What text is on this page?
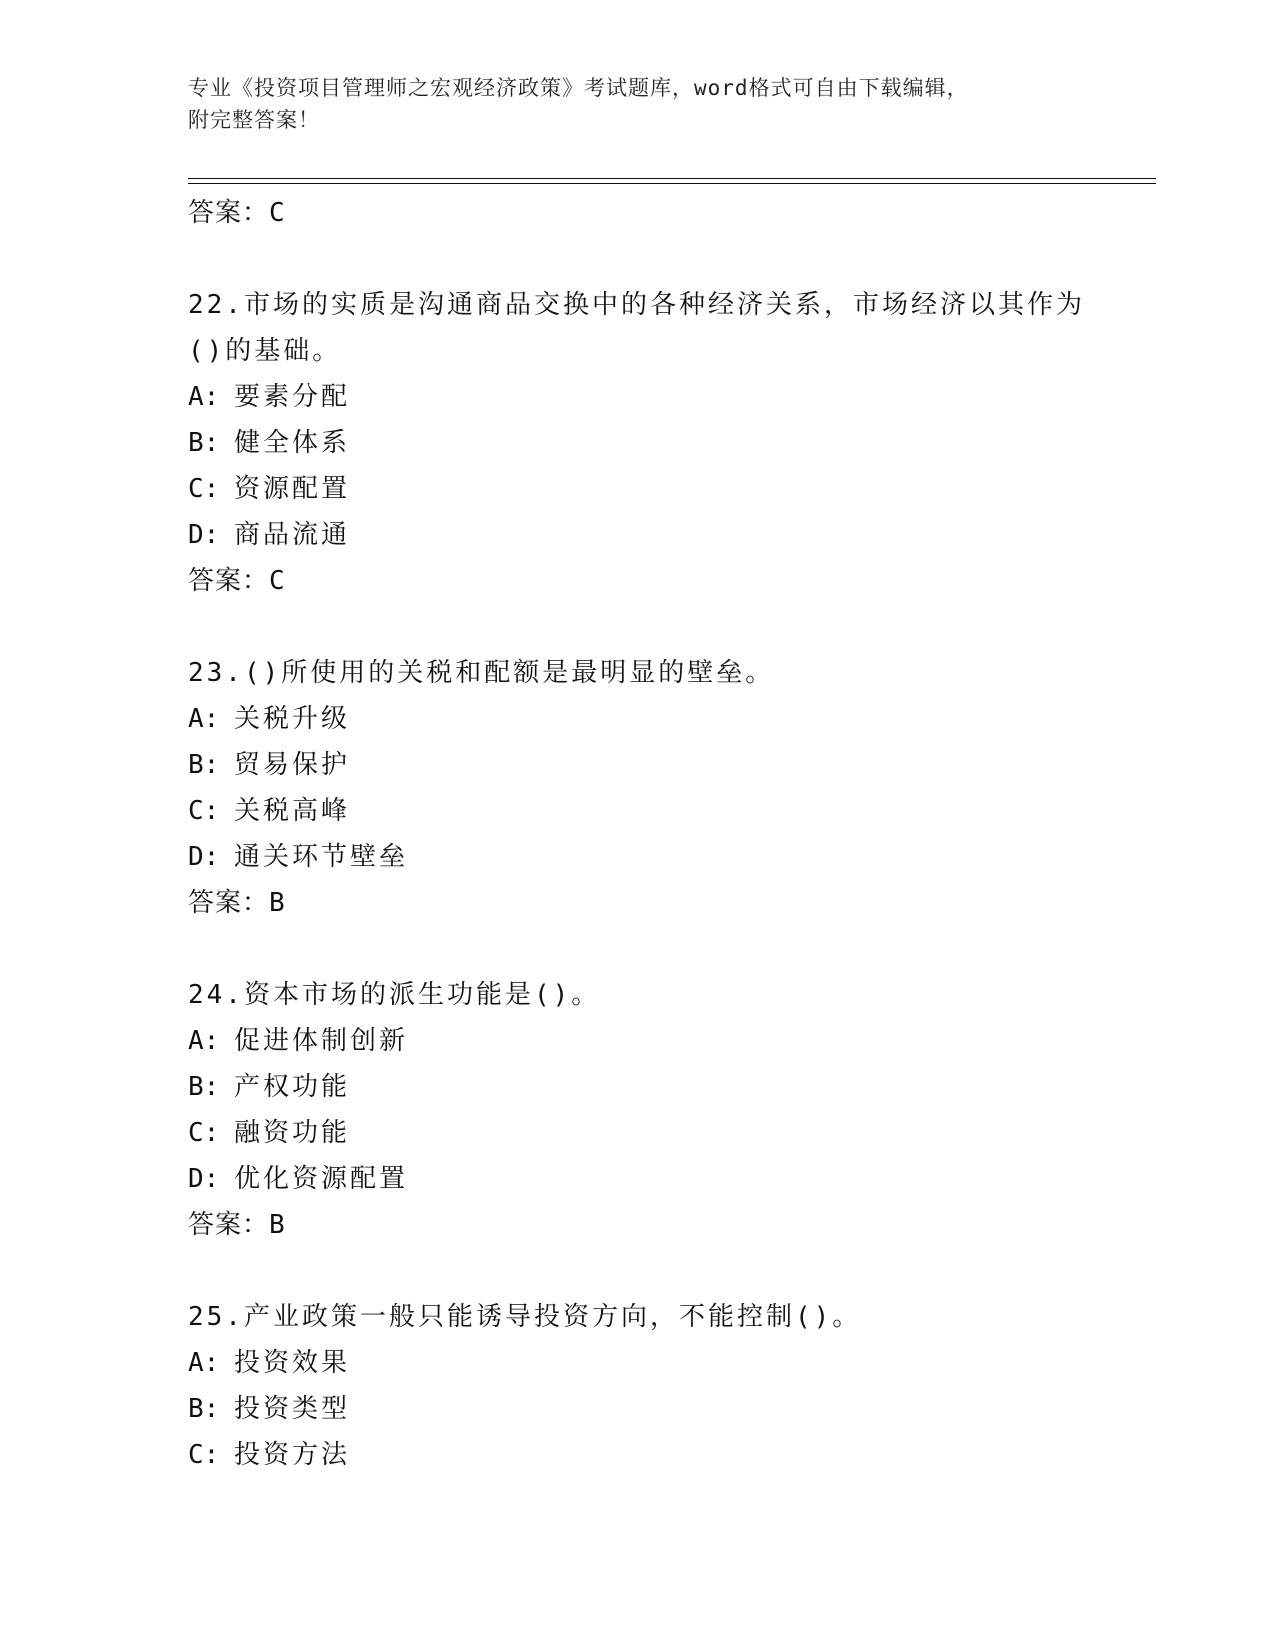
专业《投资项目管理师之宏观经济政策》考试题库，word格式可自由下载编辑，
附完整答案！
答案：C
22.市场的实质是沟通商品交换中的各种经济关系，市场经济以其作为
()的基础。
A: 要素分配
B: 健全体系
C: 资源配置
D: 商品流通
答案：C
23.()所使用的关税和配额是最明显的壁垒。
A: 关税升级
B: 贸易保护
C: 关税高峰
D: 通关环节壁垒
答案：B
24.资本市场的派生功能是()。
A: 促进体制创新
B: 产权功能
C: 融资功能
D: 优化资源配置
答案：B
25.产业政策一般只能诱导投资方向，不能控制()。
A: 投资效果
B: 投资类型
C: 投资方法
